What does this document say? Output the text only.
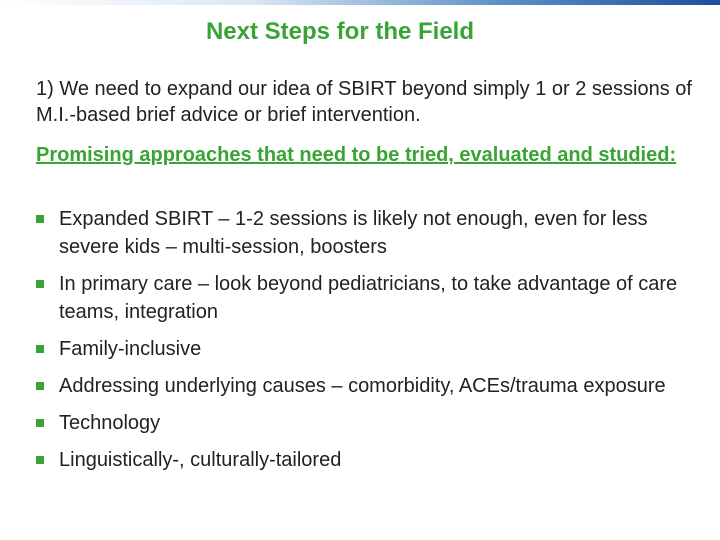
Next Steps for the Field
1) We need to expand our idea of SBIRT beyond simply 1 or 2 sessions of M.I.-based brief advice or brief intervention.
Promising approaches that need to be tried, evaluated and studied:
Expanded SBIRT – 1-2 sessions is likely not enough, even for less severe kids – multi-session, boosters
In primary care – look beyond pediatricians, to take advantage of care teams, integration
Family-inclusive
Addressing underlying causes – comorbidity, ACEs/trauma exposure
Technology
Linguistically-, culturally-tailored
